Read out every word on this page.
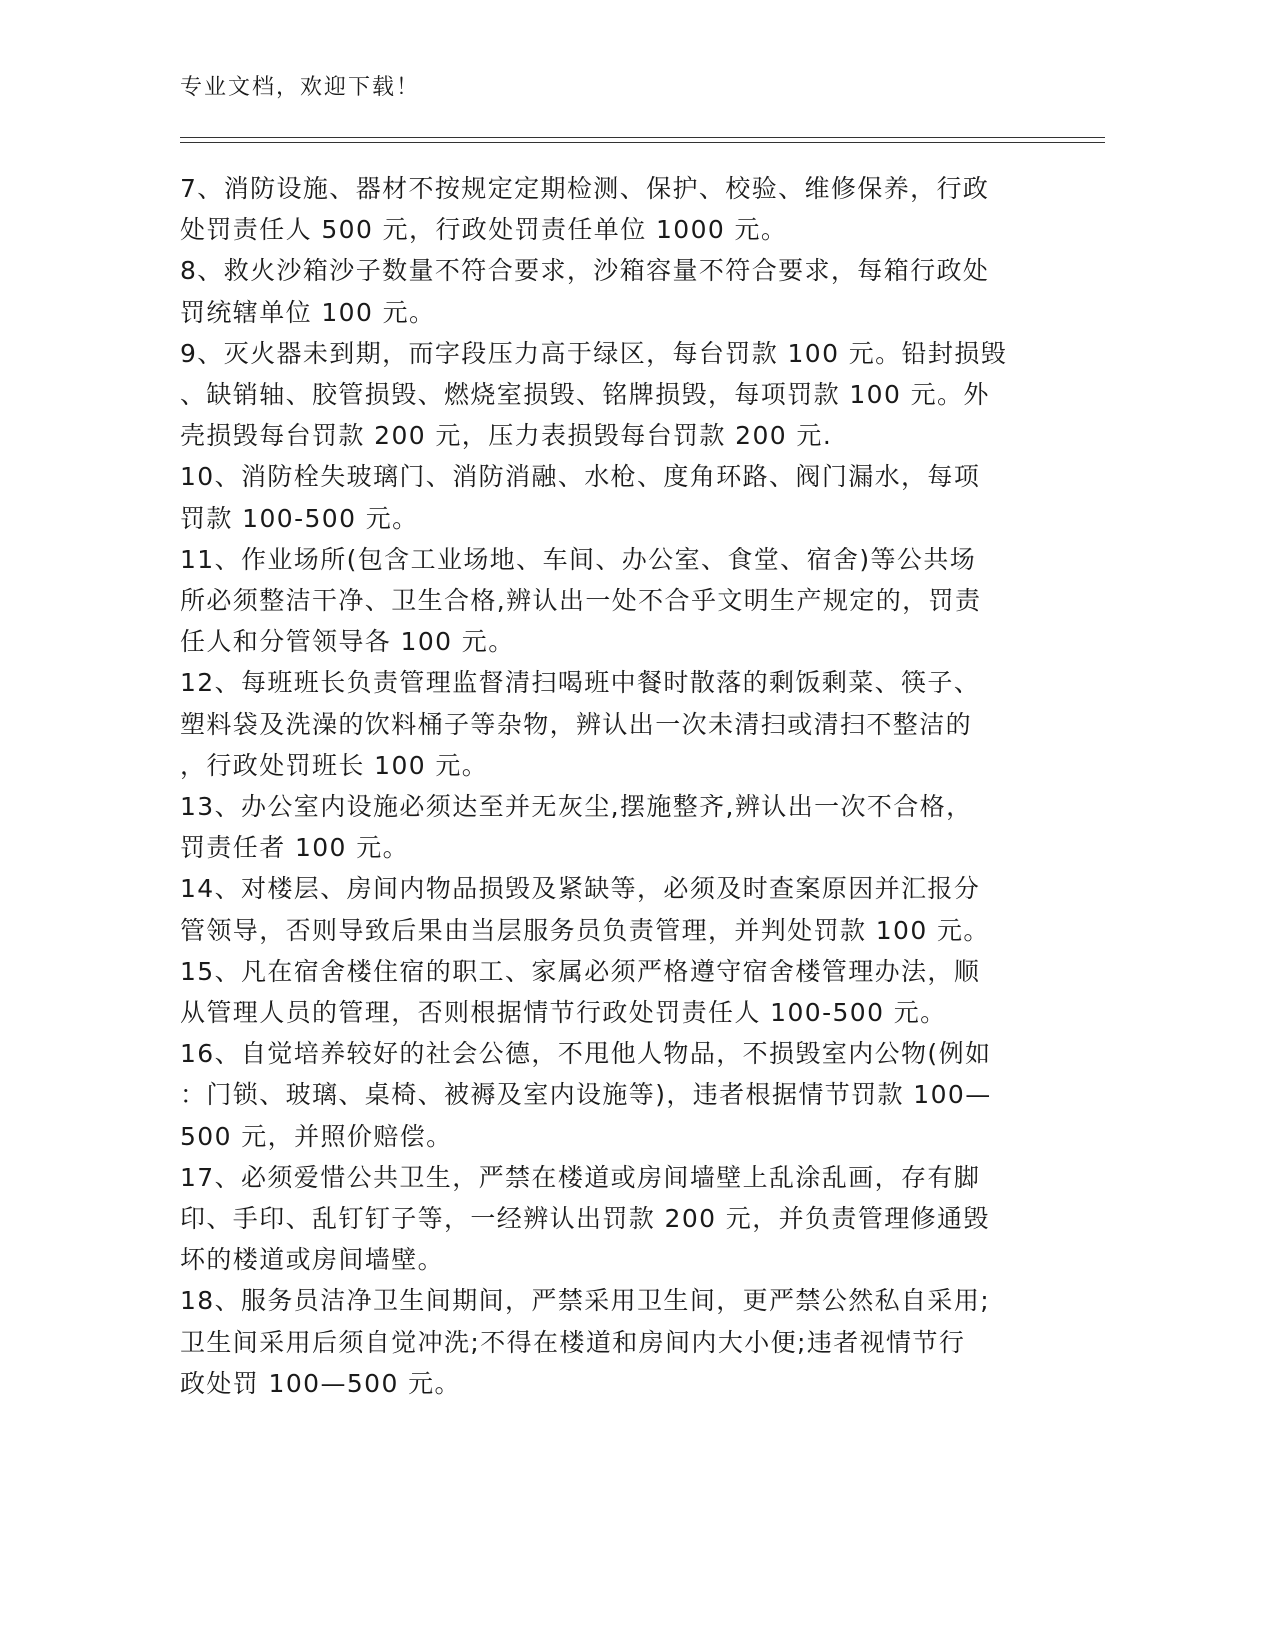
专业文档，欢迎下载！

7、消防设施、器材不按规定定期检测、保护、校验、维修保养，行政
处罚责任人 500 元，行政处罚责任单位 1000 元。

8、救火沙箱沙子数量不符合要求，沙箱容量不符合要求，每箱行政处
罚统辖单位 100 元。

9、灭火器未到期，而字段压力高于绿区，每台罚款 100 元。铅封损毁
、缺销轴、胶管损毁、燃烧室损毁、铭牌损毁，每项罚款 100 元。外
壳损毁每台罚款 200 元，压力表损毁每台罚款 200 元.

10、消防栓失玻璃门、消防消融、水枪、度角环路、阀门漏水，每项
罚款 100-500 元。

11、作业场所(包含工业场地、车间、办公室、食堂、宿舍)等公共场
所必须整洁干净、卫生合格,辨认出一处不合乎文明生产规定的，罚责
任人和分管领导各 100 元。

12、每班班长负责管理监督清扫喝班中餐时散落的剩饭剩菜、筷子、
塑料袋及洗澡的饮料桶子等杂物，辨认出一次未清扫或清扫不整洁的
，行政处罚班长 100 元。

13、办公室内设施必须达至并无灰尘,摆施整齐,辨认出一次不合格，
罚责任者 100 元。

14、对楼层、房间内物品损毁及紧缺等，必须及时查案原因并汇报分
管领导，否则导致后果由当层服务员负责管理，并判处罚款 100 元。

15、凡在宿舍楼住宿的职工、家属必须严格遵守宿舍楼管理办法，顺
从管理人员的管理，否则根据情节行政处罚责任人 100-500 元。

16、自觉培养较好的社会公德，不甩他人物品，不损毁室内公物(例如
：门锁、玻璃、桌椅、被褥及室内设施等)，违者根据情节罚款 100—
500 元，并照价赔偿。

17、必须爱惜公共卫生，严禁在楼道或房间墙壁上乱涂乱画，存有脚
印、手印、乱钉钉子等，一经辨认出罚款 200 元，并负责管理修通毁
坏的楼道或房间墙壁。

18、服务员洁净卫生间期间，严禁采用卫生间，更严禁公然私自采用;
卫生间采用后须自觉冲洗;不得在楼道和房间内大小便;违者视情节行
政处罚 100—500 元。
